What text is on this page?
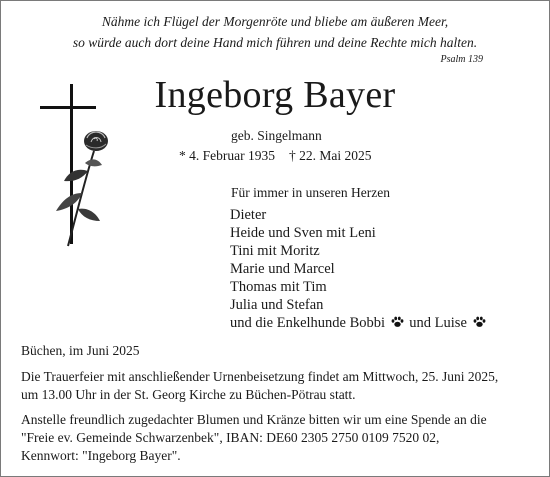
Nähme ich Flügel der Morgenröte und bliebe am äußeren Meer,
so würde auch dort deine Hand mich führen und deine Rechte mich halten.
Psalm 139
Ingeborg Bayer
geb. Singelmann
* 4. Februar 1935 † 22. Mai 2025
Für immer in unseren Herzen
Dieter
Heide und Sven mit Leni
Tini mit Moritz
Marie und Marcel
Thomas mit Tim
Julia und Stefan
und die Enkelhunde Bobbi und Luise
Büchen, im Juni 2025
Die Trauerfeier mit anschließender Urnenbeisetzung findet am Mittwoch, 25. Juni 2025,
um 13.00 Uhr in der St. Georg Kirche zu Büchen-Pötrau statt.
Anstelle freundlich zugedachter Blumen und Kränze bitten wir um eine Spende an die
"Freie ev. Gemeinde Schwarzenbek", IBAN: DE60 2305 2750 0109 7520 02,
Kennwort: "Ingeborg Bayer".
